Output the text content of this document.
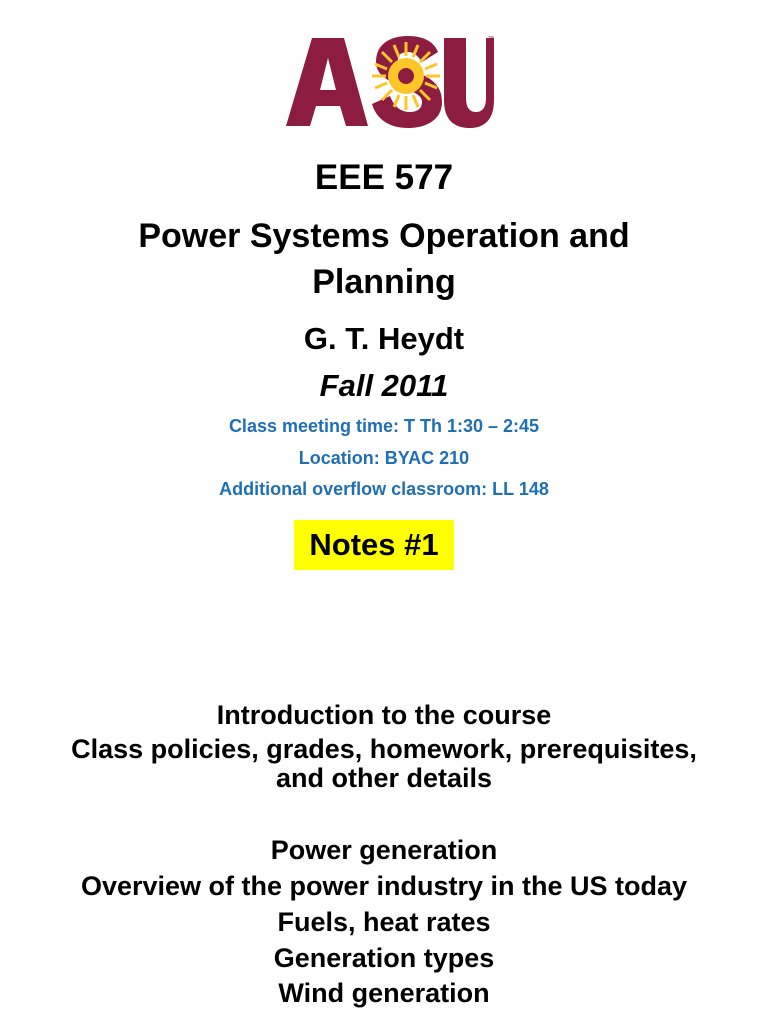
™
EEE 577
Power Systems Operation and
Planning
G. T. Heydt
Fall 2011
Class meeting time: T Th 1:30 – 2:45
Location: BYAC 210
Additional overflow classroom: LL 148
Notes #1
Introduction to the course
Class policies, grades, homework, prerequisites,
and other details
Power generation
Overview of the power industry in the US today
Fuels, heat rates
Generation types
Wind generation
